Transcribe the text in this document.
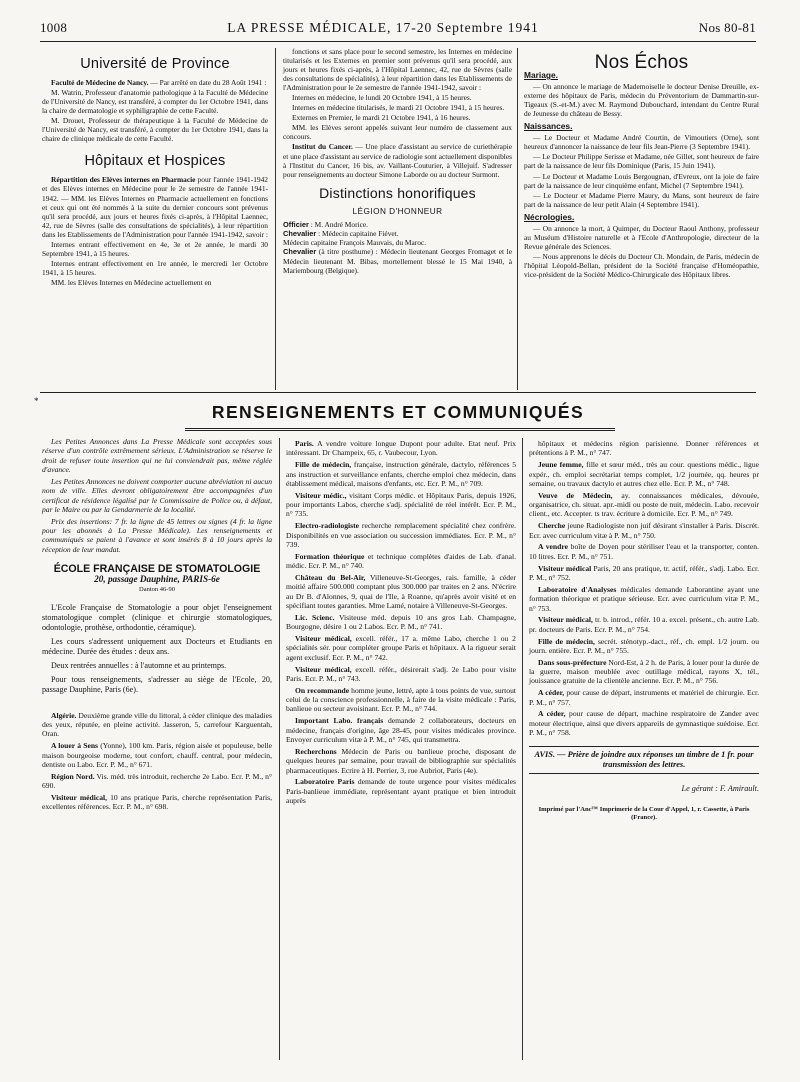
1008	LA PRESSE MÉDICALE, 17-20 Septembre 1941	Nos 80-81
Université de Province

Faculté de Médecine de Nancy. — Par arrêté en date du 28 Août 1941 :

M. Watrin, Professeur d'anatomie pathologique à la Faculté de Médecine de l'Université de Nancy, est transféré, à compter du 1er Octobre 1941, dans la chaire de dermatologie et syphiligraphie de cette Faculté.

M. Drouet, Professeur de thérapeutique à la Faculté de Médecine de l'Université de Nancy, est transféré, à compter du 1er Octobre 1941, dans la chaire de clinique médicale de cette Faculté.

Hôpitaux et Hospices

Répartition des Elèves internes en Pharmacie pour l'année 1941-1942 et des Elèves internes en Médecine pour le 2e semestre de l'année 1941-1942. — MM. les Elèves Internes en Pharmacie actuellement en fonctions et ceux qui ont été nommés à la suite du dernier concours sont prévenus qu'il sera procédé, aux jours et heures fixés ci-après, à l'Hôpital Laennec, 42, rue de Sèvres (salle des consultations de spécialités), à leur répartition dans les Etablissements de l'Administration pour l'année 1941-1942, savoir :

Internes entrant effectivement en 4e, 3e et 2e année, le mardi 30 Septembre 1941, à 15 heures.

Internes entrant effectivement en 1re année, le mercredi 1er Octobre 1941, à 15 heures.

MM. les Elèves Internes en Médecine actuellement en

fonctions et sans place pour le second semestre, les Internes en médecine titularisés et les Externes en premier sont prévenus qu'il sera procédé, aux jours et heures fixés ci-après, à l'Hôpital Laennec, 42, rue de Sèvres (salle des consultations de spécialités), à leur répartition dans les Etablissements de l'Administration pour le 2e semestre de l'année 1941-1942, savoir :

Internes en médecine, le lundi 20 Octobre 1941, à 15 heures.

Internes en médecine titularisés, le mardi 21 Octobre 1941, à 15 heures.

Externes en Premier, le mardi 21 Octobre 1941, à 16 heures.

MM. les Elèves seront appelés suivant leur numéro de classement aux concours.

Institut du Cancer. — Une place d'assistant au service de curiethérapie et une place d'assistant au service de radiologie sont actuellement disponibles à l'Institut du Cancer, 16 bis, av. Vaillant-Couturier, à Villejuif. S'adresser pour renseignements au docteur Simone Laborde ou au docteur Surmont.

Distinctions honorifiques
LÉGION D'HONNEUR
Officier : M. André Morice.
Chevalier : Médecin capitaine Fiévet.
Médecin capitaine François Mauvais, du Maroc.
Chevalier (à titre posthume) : Médecin lieutenant Georges Fromaget et le Médecin lieutenant M. Bibas, mortellement blessé le 15 Mai 1940, à Mariembourg (Belgique).
Nos Échos
Mariage.

— On annonce le mariage de Mademoiselle le docteur Denise Dreuille, ex-externe des hôpitaux de Paris, médecin du Préventorium de Dammartin-sur-Tigeaux (S.-et-M.) avec M. Raymond Dubouchard, intendant du Centre Rural de Jeunesse du château de Bessy.

Naissances.

— Le Docteur et Madame André Courtin, de Vimoutiers (Orne), sont heureux d'annoncer la naissance de leur fils Jean-Pierre (3 Septembre 1941).

— Le Docteur Philippe Serisse et Madame, née Gillet, sont heureux de faire part de la naissance de leur fils Dominique (Paris, 15 Juin 1941).

— Le Docteur et Madame Louis Bergougnan, d'Evreux, ont la joie de faire part de la naissance de leur cinquième enfant, Michel (7 Septembre 1941).

— Le Docteur et Madame Pierre Maury, du Mans, sont heureux de faire part de la naissance de leur petit Alain (4 Septembre 1941).

Nécrologies.

— On annonce la mort, à Quimper, du Docteur Raoul Anthony, professeur au Muséum d'Histoire naturelle et à l'Ecole d'Anthropologie, directeur de la Revue générale des Sciences.

— Nous apprenons le décès du Docteur Ch. Mondain, de Paris, médecin de l'hôpital Léopold-Bellan, président de la Société française d'Homéopathie, vice-président de la Société Médico-Chirurgicale des Hôpitaux libres.

*
RENSEIGNEMENTS ET COMMUNIQUÉS

Les Petites Annonces dans La Presse Médicale sont acceptées sous réserve d'un contrôle extrêmement sérieux. L'Administration se réserve le droit de refuser toute insertion qui ne lui conviendrait pas, même réglée d'avance.

Les Petites Annonces ne doivent comporter aucune abréviation ni aucun nom de ville. Elles devront obligatoirement être accompagnées d'un certificat de résidence légalisé par le Commissaire de Police ou, à défaut, par le Maire ou par la Gendarmerie de la localité.

Prix des insertions: 7 fr. la ligne de 45 lettres ou signes (4 fr. la ligne pour les abonnés à La Presse Médicale). Les renseignements et communiqués se paient à l'avance et sont insérés 8 à 10 jours après la réception de leur mandat.

ÉCOLE FRANÇAISE DE STOMATOLOGIE
20, passage Dauphine, PARIS-6e
Danton 46-90

L'Ecole Française de Stomatologie a pour objet l'enseignement stomatologique complet (clinique et chirurgie stomatologiques, odontologie, prothèse, orthodontie, céramique).

Les cours s'adressent uniquement aux Docteurs et Etudiants en médecine. Durée des études : deux ans.

Deux rentrées annuelles : à l'automne et au printemps.

Pour tous renseignements, s'adresser au siège de l'Ecole, 20, passage Dauphine, Paris (6e).

Algérie. Deuxième grande ville du littoral, à céder clinique des maladies des yeux, réputée, en pleine activité. Jasseron, 5, carrefour Karguentah, Oran.

A louer à Sens (Yonne), 100 km. Paris, région aisée et populeuse, belle maison bourgeoise moderne, tout confort, chauff. central, pour médecin, dentiste ou Labo. Ecr. P. M., n° 671.

Région Nord. Vis. méd. très introduit, recherche 2e Labo. Ecr. P. M., n° 690.

Visiteur médical, 10 ans pratique Paris, cherche représentation Paris, excellentes références. Ecr. P. M., n° 698.

Paris. A vendre voiture longue Dupont pour adulte. Etat neuf. Prix intéressant. Dr Champeix, 65, r. Vaubecour, Lyon.

Fille de médecin, française, instruction générale, dactylo, références 5 ans instruction et surveillance enfants, cherche emploi chez médecin, dans établissement médical, maisons d'enfants, etc. Ecr. P. M., n° 709.

Visiteur médic., visitant Corps médic. et Hôpitaux Paris, depuis 1926, pour importants Labos, cherche s'adj. spécialité de réel intérêt. Ecr. P. M., n° 735.

Electro-radiologiste recherche remplacement spécialité chez confrère. Disponibilités en vue association ou succession immédiates. Ecr. P. M., n° 739.

Formation théorique et technique complètes d'aides de Lab. d'anal. médic. Ecr. P. M., n° 740.

Château du Bel-Air, Villeneuve-St-Georges, rais. famille, à céder moitié affaire 500.000 comptant plus 300.000 par traites en 2 ans. N'écrire au Dr B. d'Alonnes, 9, quai de l'Ile, à Roanne, qu'après avoir visité et en spécifiant toutes garanties. Mme Lamé, notaire à Villeneuve-St-Georges.

Lic. Scienc. Visiteuse méd. depuis 10 ans gros Lab. Champagne, Bourgogne, désire 1 ou 2 Labos. Ecr. P. M., n° 741.

Visiteur médical, excell. référ., 17 a. même Labo, cherche 1 ou 2 spécialités sér. pour compléter groupe Paris et hôpitaux. A la rigueur serait agent exclusif. Ecr. P. M., n° 742.

Visiteur médical, excell. référ., désirerait s'adj. 2e Labo pour visite Paris. Ecr. P. M., n° 743.

On recommande homme jeune, lettré, apte à tous points de vue, surtout celui de la conscience professionnelle, à faire de la visite médicale : Paris, banlieue ou secteur avoisinant. Ecr. P. M., n° 744.

Important Labo. français demande 2 collaborateurs, docteurs en médecine, français d'origine, âge 28-45, pour visites médicales province. Envoyer curriculum vitæ à P. M., n° 745, qui transmettra.

Recherchons Médecin de Paris ou banlieue proche, disposant de quelques heures par semaine, pour travail de bibliographie sur spécialités pharmaceutiques. Ecrire à H. Perrier, 3, rue Aubriot, Paris (4e).

Laboratoire Paris demande de toute urgence pour visites médicales Paris-banlieue immédiate, représentant ayant pratique et bien introduit auprès

hôpitaux et médecins région parisienne. Donner références et prétentions à P. M., n° 747.

Jeune femme, fille et sœur méd., très au cour. questions médic., ligue expér., ch. emploi secrétariat temps complet, 1/2 journée, qq. heures pr semaine, ou travaux dactylo et autres chez elle. Ecr. P. M., n° 748.

Veuve de Médecin, ay. connaissances médicales, dévouée, organisatrice, ch. situat. apr.-midi ou poste de nuit, médecin. Labo. recevoir client., etc. Accepter. ts trav. écriture à domicile. Ecr. P. M., n° 749.

Cherche jeune Radiologiste non juif désirant s'installer à Paris. Discrét. Ecr. avec curriculum vitæ à P. M., n° 750.

A vendre boîte de Doyen pour stériliser l'eau et la transporter, conten. 10 litres. Ecr. P. M., n° 751.

Visiteur médical Paris, 20 ans pratique, tr. actif, référ., s'adj. Labo. Ecr. P. M., n° 752.

Laboratoire d'Analyses médicales demande Laborantine ayant une formation théorique et pratique sérieuse. Ecr. avec curriculum vitæ P. M., n° 753.

Visiteur médical, tr. b. introd., référ. 10 a. excel. présent., ch. autre Lab. pr. docteurs de Paris. Ecr. P. M., n° 754.

Fille de médecin, secrét. sténotyp.-dact., réf., ch. empl. 1/2 journ. ou journ. entière. Ecr. P. M., n° 755.

Dans sous-préfecture Nord-Est, à 2 h. de Paris, à louer pour la durée de la guerre, maison meublée avec outillage médical, rayons X, tél., jouissance gratuite de la clientèle ancienne. Ecr. P. M., n° 756.

A céder, pour cause de départ, instruments et matériel de chirurgie. Ecr. P. M., n° 757.

A céder, pour cause de départ, machine respiratoire de Zander avec moteur électrique, ainsi que divers appareils de gymnastique suédoise. Ecr. P. M., n° 758.

AVIS. — Prière de joindre aux réponses un timbre de 1 fr. pour transmission des lettres.
Le gérant : F. Amirault.
Imprimé par l'Anc™ Imprimerie de la Cour d'Appel, 1, r. Cassette, à Paris (France).
